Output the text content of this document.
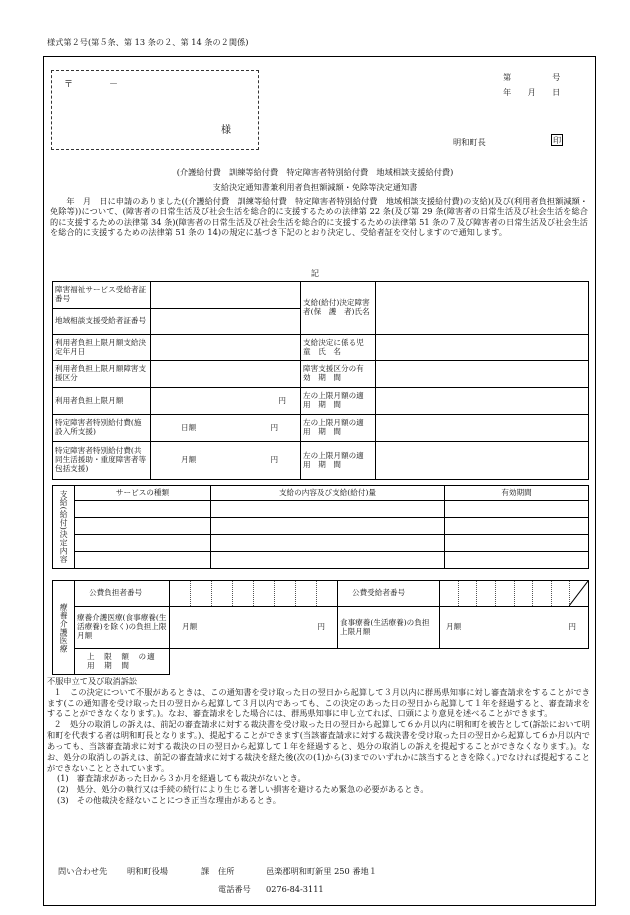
様式第２号(第５条、第 13 条の２、第 14 条の２関係)
〒　　　　－
様
第　　　　　号
年　　月　　日
明和町長	印
(介護給付費　訓練等給付費　特定障害者特別給付費　地域相談支援給付費)
支給決定通知書兼利用者負担額減額・免除等決定通知書

年　月　日に申請のありました((介護給付費　訓練等給付費　特定障害者特別給付費　地域相談支援給付費)の支給)(及び(利用者負担額減額・免除等))について、(障害者の日常生活及び社会生活を総合的に支援するための法律第 22 条(及び第 29 条(障害者の日常生活及び社会生活を総合的に支援するための法律第 34 条)(障害者の日常生活及び社会生活を総合的に支援するための法律第 51 条の７及び障害者の日常生活及び社会生活を総合的に支援するための法律第 51 条の 14)の規定に基づき下記のとおり決定し、受給者証を交付しますので通知します。

記
障害福祉サービス受給者証番号		支給(給付)決定障害者(保　護　者)氏名	
地域相談支援受給者証番号			
利用者負担上限月額支給決定年月日		支給決定に係る児　童　氏　名	
利用者負担上限月額障害支援区分		障害支援区分の有　効　期　間	
利用者負担上限月額	円	左の上限月額の適　用　期　間	
特定障害者特別給付費(施設入所支援)	日額 円	左の上限月額の適　用　期　間	
特定障害者特別給付費(共同生活援助・重度障害者等包括支援)	月額 円	左の上限月額の適　用　期　間	
支給(給付)決定内容	サービスの種類	支給の内容及び支給(給付)量	有効期間

療養介護医療	公費負担者番号		公費受給者番号	

	療養介護医療(食事療養(生活療養)を除く)の負担上限月額	月額 円	食事療養(生活療養)の負担上限月額	月額 円

	上　限　額　の適　用　期　間			
不服申立て及び取消訴訟
１　この決定について不服があるときは、この通知書を受け取った日の翌日から起算して３月以内に群馬県知事に対し審査請求をすることができます(この通知書を受け取った日の翌日から起算して３月以内であっても、この決定のあった日の翌日から起算して１年を経過すると、審査請求をすることができなくなります。)。なお、審査請求をした場合には、群馬県知事に申し立てれば、口頭により意見を述べることができます。
２　処分の取消しの訴えは、前記の審査請求に対する裁決書を受け取った日の翌日から起算して６か月以内に明和町を被告として(訴訟において明和町を代表する者は明和町長となります。)、提起することができます(当該審査請求に対する裁決書を受け取った日の翌日から起算して６か月以内であっても、当該審査請求に対する裁決の日の翌日から起算して１年を経過すると、処分の取消しの訴えを提起することができなくなります。)。なお、処分の取消しの訴えは、前記の審査請求に対する裁決を経た後(次の(1)から(3)までのいずれかに該当するときを除く。)でなければ提起することができないこととされています。
(1)　審査請求があった日から３か月を経過しても裁決がないとき。
(2)　処分、処分の執行又は手続の続行により生じる著しい損害を避けるため緊急の必要があるとき。
(3)　その他裁決を経ないことにつき正当な理由があるとき。
問い合わせ先 明和町役場	課 住所	邑楽郡明和町新里 250 番地１
電話番号 0276-84-3111
